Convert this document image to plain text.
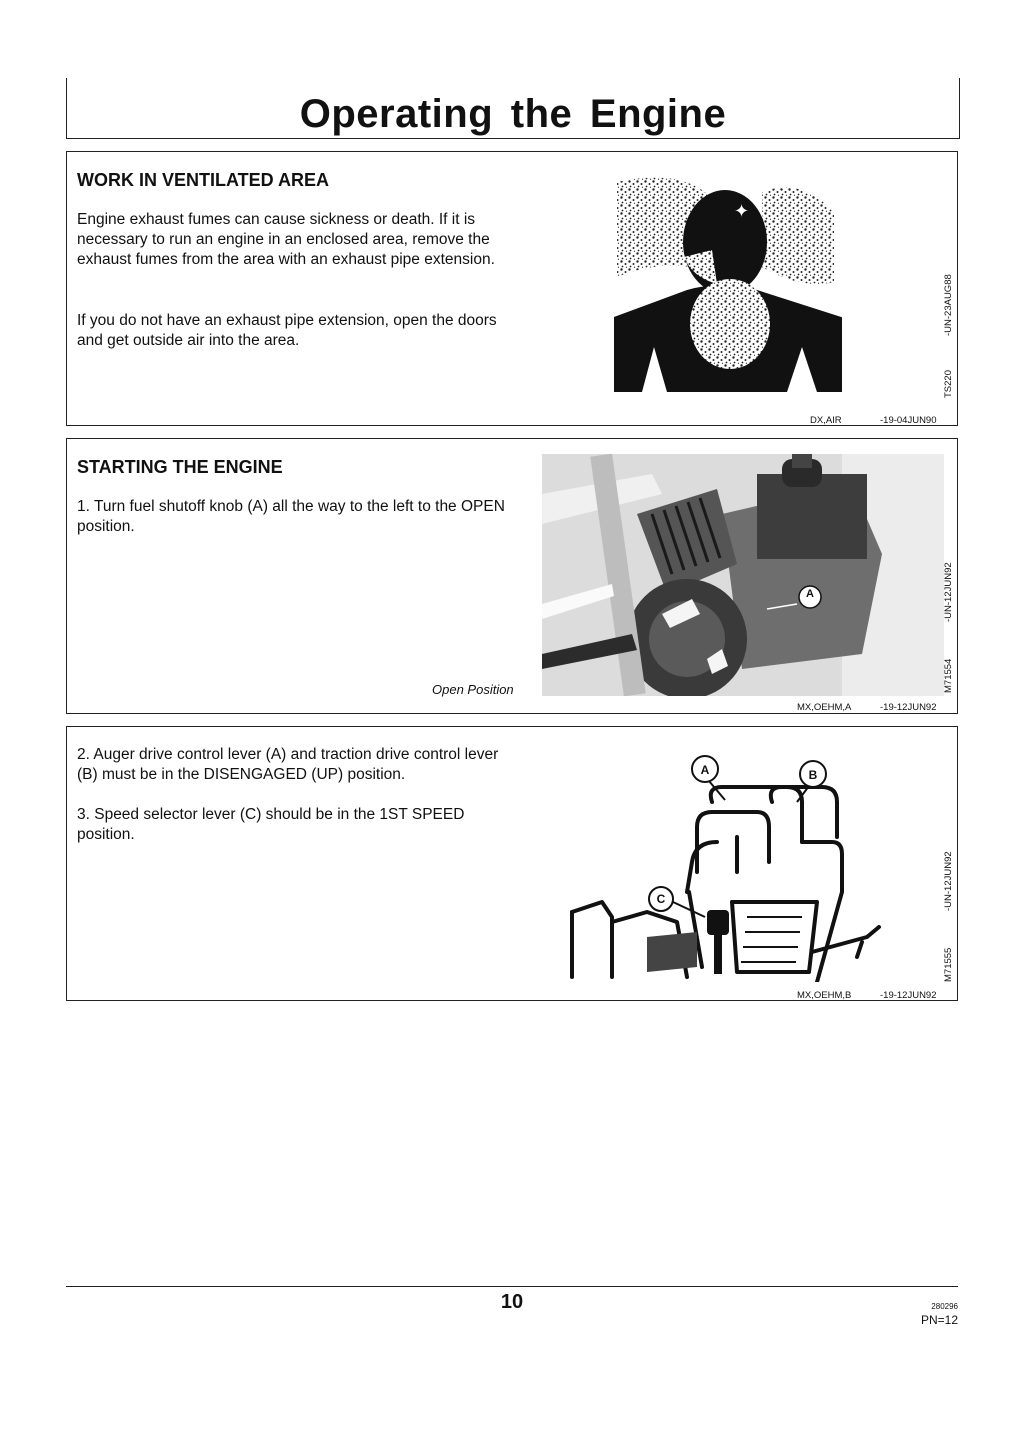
Operating the Engine
WORK IN VENTILATED AREA

Engine exhaust fumes can cause sickness or death. If it is necessary to run an engine in an enclosed area, remove the exhaust fumes from the area with an exhaust pipe extension.

If you do not have an exhaust pipe extension, open the doors and get outside air into the area.

✦
TS220
-UN-23AUG88
DX,AIR	-19-04JUN90
STARTING THE ENGINE

1. Turn fuel shutoff knob (A) all the way to the left to the OPEN position.

Open Position
A
M71554
-UN-12JUN92
MX,OEHM,A	-19-12JUN92

2. Auger drive control lever (A) and traction drive control lever (B) must be in the DISENGAGED (UP) position.

3. Speed selector lever (C) should be in the 1ST SPEED position.

A	B
C
M71555
-UN-12JUN92
MX,OEHM,B	-19-12JUN92
10	280296
PN=12
